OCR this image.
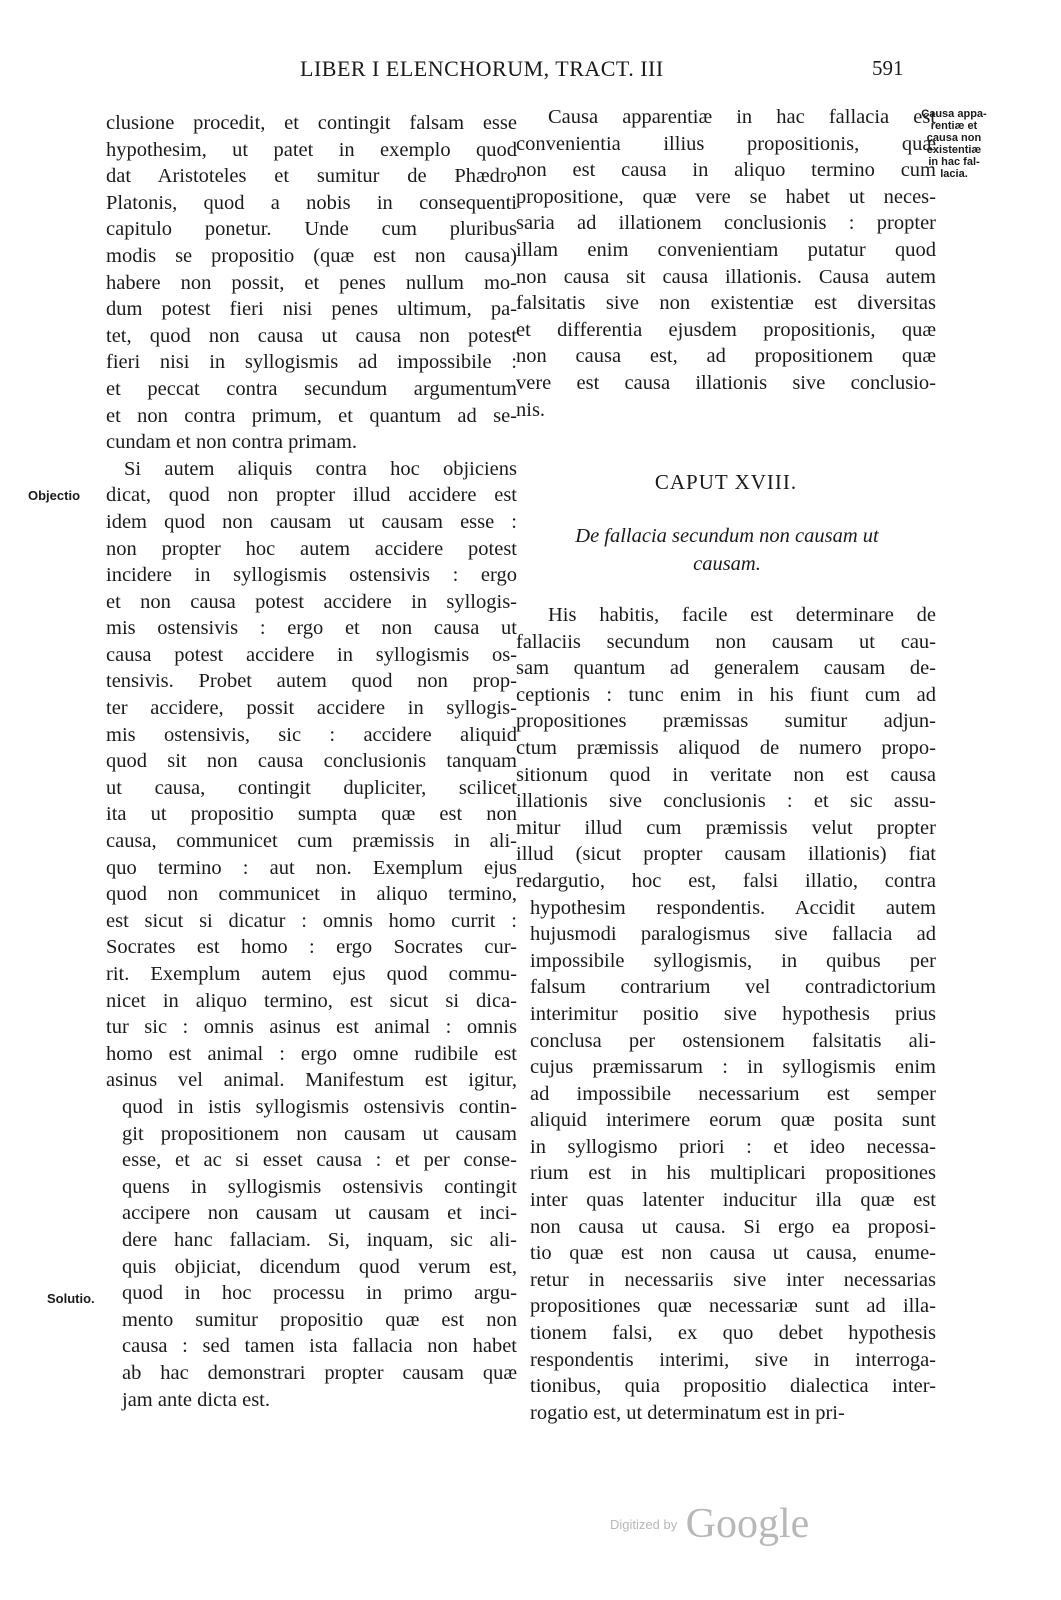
LIBER I ELENCHORUM, TRACT. III	591
Objectio
Solutio.
Causa appa-
rentiæ et
causa non
existentiæ
in hac fal-
lacia.
clusione procedit, et contingit falsam esse
hypothesim, ut patet in exemplo quod
dat Aristoteles et sumitur de Phædro
Platonis, quod a nobis in consequenti
capitulo ponetur. Unde cum pluribus
modis se propositio (quæ est non causa)
habere non possit, et penes nullum mo-
dum potest fieri nisi penes ultimum, pa-
tet, quod non causa ut causa non potest
fieri nisi in syllogismis ad impossibile :
et peccat contra secundum argumentum
et non contra primum, et quantum ad se-
cundam et non contra primam.
Si autem aliquis contra hoc objiciens
dicat, quod non propter illud accidere est
idem quod non causam ut causam esse :
non propter hoc autem accidere potest
incidere in syllogismis ostensivis : ergo
et non causa potest accidere in syllogis-
mis ostensivis : ergo et non causa ut
causa potest accidere in syllogismis os-
tensivis. Probet autem quod non prop-
ter accidere, possit accidere in syllogis-
mis ostensivis, sic : accidere aliquid
quod sit non causa conclusionis tanquam
ut causa, contingit dupliciter, scilicet
ita ut propositio sumpta quæ est non
causa, communicet cum præmissis in ali-
quo termino : aut non. Exemplum ejus
quod non communicet in aliquo termino,
est sicut si dicatur : omnis homo currit :
Socrates est homo : ergo Socrates cur-
rit. Exemplum autem ejus quod commu-
nicet in aliquo termino, est sicut si dica-
tur sic : omnis asinus est animal : omnis
homo est animal : ergo omne rudibile est
asinus vel animal. Manifestum est igitur,
quod in istis syllogismis ostensivis contin-
git propositionem non causam ut causam
esse, et ac si esset causa : et per conse-
quens in syllogismis ostensivis contingit
accipere non causam ut causam et inci-
dere hanc fallaciam. Si, inquam, sic ali-
quis objiciat, dicendum quod verum est,
quod in hoc processu in primo argu-
mento sumitur propositio quæ est non
causa : sed tamen ista fallacia non habet
ab hac demonstrari propter causam quæ
jam ante dicta est.
Causa apparentiæ in hac fallacia est
convenientia illius propositionis, quæ
non est causa in aliquo termino cum
propositione, quæ vere se habet ut neces-
saria ad illationem conclusionis : propter
illam enim convenientiam putatur quod
non causa sit causa illationis. Causa autem
falsitatis sive non existentiæ est diversitas
et differentia ejusdem propositionis, quæ
non causa est, ad propositionem quæ
vere est causa illationis sive conclusio-
nis.
CAPUT XVIII.
De fallacia secundum non causam ut
causam.
His habitis, facile est determinare de
fallaciis secundum non causam ut cau-
sam quantum ad generalem causam de-
ceptionis : tunc enim in his fiunt cum ad
propositiones præmissas sumitur adjun-
ctum præmissis aliquod de numero propo-
sitionum quod in veritate non est causa
illationis sive conclusionis : et sic assu-
mitur illud cum præmissis velut propter
illud (sicut propter causam illationis) fiat
redargutio, hoc est, falsi illatio, contra
hypothesim respondentis. Accidit autem
hujusmodi paralogismus sive fallacia ad
impossibile syllogismis, in quibus per
falsum contrarium vel contradictorium
interimitur positio sive hypothesis prius
conclusa per ostensionem falsitatis ali-
cujus præmissarum : in syllogismis enim
ad impossibile necessarium est semper
aliquid interimere eorum quæ posita sunt
in syllogismo priori : et ideo necessa-
rium est in his multiplicari propositiones
inter quas latenter inducitur illa quæ est
non causa ut causa. Si ergo ea proposi-
tio quæ est non causa ut causa, enume-
retur in necessariis sive inter necessarias
propositiones quæ necessariæ sunt ad illa-
tionem falsi, ex quo debet hypothesis
respondentis interimi, sive in interroga-
tionibus, quia propositio dialectica inter-
rogatio est, ut determinatum est in pri-
$^{Digitized by}$ Google
